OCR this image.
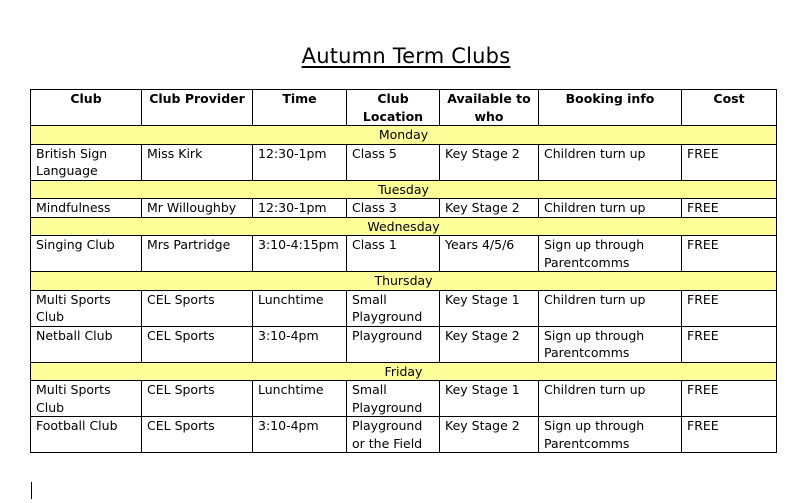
Autumn Term Clubs
Club	Club Provider	Time	Club Location	Available to who	Booking info	Cost
Monday						
British Sign Language	Miss Kirk	12:30-1pm	Class 5	Key Stage 2	Children turn up	FREE
Tuesday						
Mindfulness	Mr Willoughby	12:30-1pm	Class 3	Key Stage 2	Children turn up	FREE
Wednesday						
Singing Club	Mrs Partridge	3:10-4:15pm	Class 1	Years 4/5/6	Sign up through Parentcomms	FREE
Thursday						
Multi Sports Club	CEL Sports	Lunchtime	Small Playground	Key Stage 1	Children turn up	FREE
Netball Club	CEL Sports	3:10-4pm	Playground	Key Stage 2	Sign up through Parentcomms	FREE
Friday						
Multi Sports Club	CEL Sports	Lunchtime	Small Playground	Key Stage 1	Children turn up	FREE
Football Club	CEL Sports	3:10-4pm	Playground or the Field	Key Stage 2	Sign up through Parentcomms	FREE
